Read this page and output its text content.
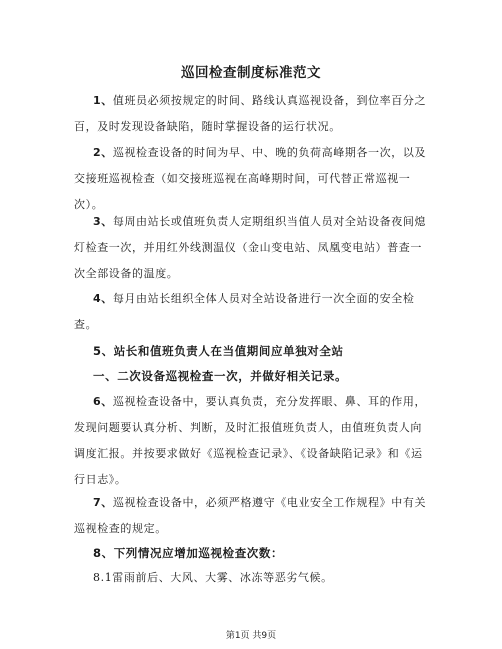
巡回检查制度标准范文
1、值班员必须按规定的时间、路线认真巡视设备，到位率百分之百，及时发现设备缺陷，随时掌握设备的运行状况。
2、巡视检查设备的时间为早、中、晚的负荷高峰期各一次，以及交接班巡视检查（如交接班巡视在高峰期时间，可代替正常巡视一次）。
3、每周由站长或值班负责人定期组织当值人员对全站设备夜间熄灯检查一次，并用红外线测温仪（金山变电站、凤凰变电站）普查一次全部设备的温度。
4、每月由站长组织全体人员对全站设备进行一次全面的安全检查。
5、站长和值班负责人在当值期间应单独对全站
一、二次设备巡视检查一次，并做好相关记录。
6、巡视检查设备中，要认真负责，充分发挥眼、鼻、耳的作用，发现问题要认真分析、判断，及时汇报值班负责人，由值班负责人向调度汇报。并按要求做好《巡视检查记录》、《设备缺陷记录》和《运行日志》。
7、巡视检查设备中，必须严格遵守《电业安全工作规程》中有关巡视检查的规定。
8、下列情况应增加巡视检查次数：
8.1雷雨前后、大风、大雾、冰冻等恶劣气候。
第1页 共9页
